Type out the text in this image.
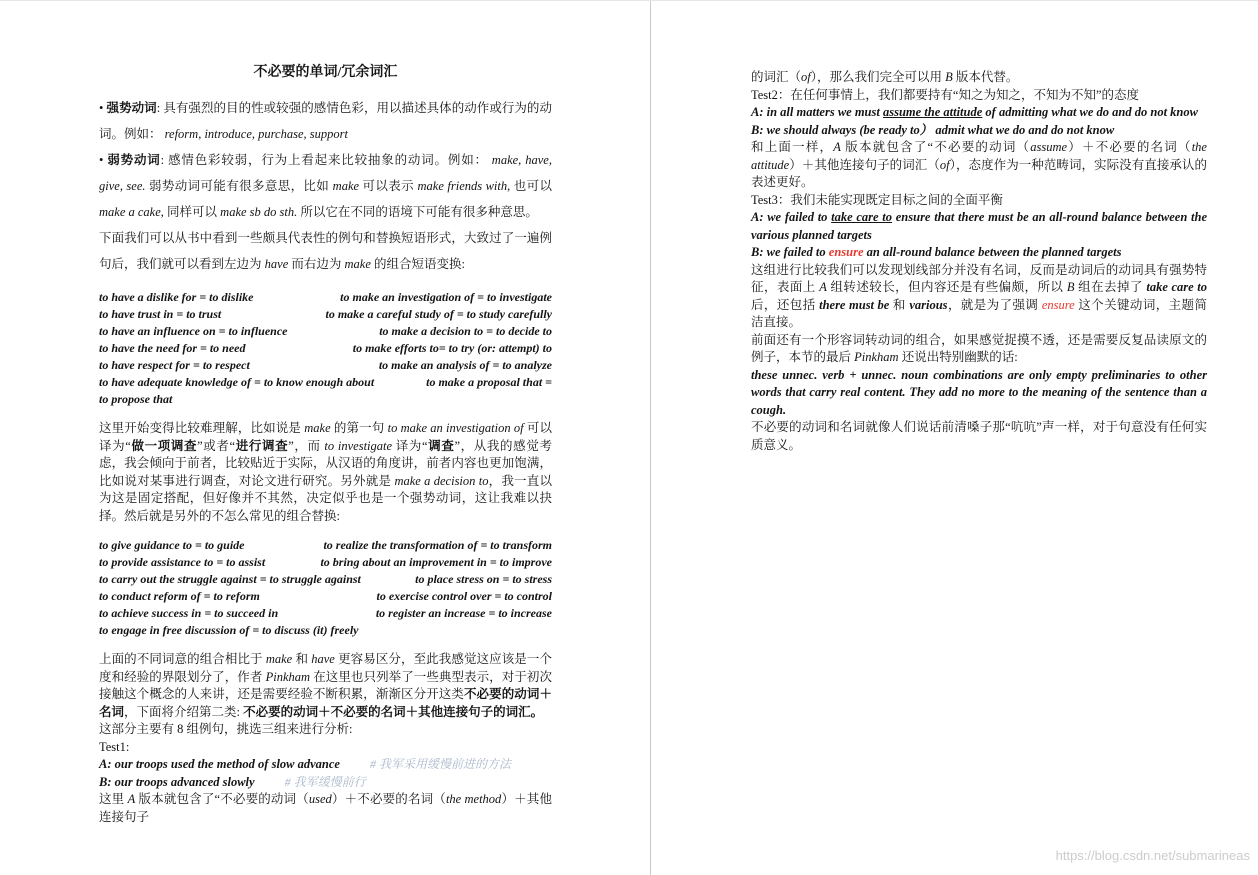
不必要的单词/冗余词汇

• 强势动词: 具有强烈的目的性或较强的感情色彩，用以描述具体的动作或行为的动词。例如： reform, introduce, purchase, support

• 弱势动词: 感情色彩较弱，行为上看起来比较抽象的动词。例如： make, have, give, see. 弱势动词可能有很多意思，比如 make 可以表示 make friends with, 也可以 make a cake, 同样可以 make sb do sth. 所以它在不同的语境下可能有很多种意思。

下面我们可以从书中看到一些颇具代表性的例句和替换短语形式，大致过了一遍例句后，我们就可以看到左边为 have 而右边为 make 的组合短语变换:

to have a dislike for = to dislike	to make an investigation of = to investigate
to have trust in = to trust	to make a careful study of = to study carefully
to have an influence on = to influence	to make a decision to = to decide to
to have the need for = to need	to make efforts to= to try (or: attempt) to
to have respect for = to respect	to make an analysis of = to analyze
to have adequate knowledge of = to know enough about	to make a proposal that =
to propose that

这里开始变得比较难理解，比如说是 make 的第一句 to make an investigation of 可以译为“做一项调查”或者“进行调查”，而 to investigate 译为“调查”，从我的感觉考虑，我会倾向于前者，比较贴近于实际，从汉语的角度讲，前者内容也更加饱满，比如说对某事进行调查，对论文进行研究。另外就是 make a decision to，我一直以为这是固定搭配，但好像并不其然，决定似乎也是一个强势动词，这让我难以抉择。然后就是另外的不怎么常见的组合替换:

to give guidance to = to guide	to realize the transformation of = to transform
to provide assistance to = to assist	to bring about an improvement in = to improve
to carry out the struggle against = to struggle against	to place stress on = to stress
to conduct reform of = to reform	to exercise control over = to control
to achieve success in = to succeed in	to register an increase = to increase
to engage in free discussion of = to discuss (it) freely

上面的不同词意的组合相比于 make 和 have 更容易区分，至此我感觉这应该是一个度和经验的界限划分了，作者 Pinkham 在这里也只列举了一些典型表示，对于初次接触这个概念的人来讲，还是需要经验不断积累，渐渐区分开这类不必要的动词＋名词，下面将介绍第二类: 不必要的动词＋不必要的名词＋其他连接句子的词汇。

这部分主要有 8 组例句，挑选三组来进行分析:

Test1:

A: our troops used the method of slow advance	# 我军采用缓慢前进的方法

B: our troops advanced slowly	# 我军缓慢前行

这里 A 版本就包含了“不必要的动词（used）＋不必要的名词（the method）＋其他连接句子

的词汇（of），那么我们完全可以用 B 版本代替。

Test2：在任何事情上，我们都要持有“知之为知之，不知为不知”的态度

A: in all matters we must assume the attitude of admitting what we do and do not know

B: we should always (be ready to） admit what we do and do not know

和上面一样，A 版本就包含了“不必要的动词（assume）＋不必要的名词（the attitude）＋其他连接句子的词汇（of），态度作为一种范畴词，实际没有直接承认的表述更好。

Test3：我们未能实现既定目标之间的全面平衡

A: we failed to take care to ensure that there must be an all-round balance between the various planned targets

B: we failed to ensure an all-round balance between the planned targets

这组进行比较我们可以发现划线部分并没有名词，反而是动词后的动词具有强势特征，表面上 A 组转述较长，但内容还是有些偏颇，所以 B 组在去掉了 take care to 后，还包括 there must be 和 various，就是为了强调 ensure 这个关键动词，主题简洁直接。

前面还有一个形容词转动词的组合，如果感觉捉摸不透，还是需要反复品读原文的例子，本节的最后 Pinkham 还说出特别幽默的话:

these unnec. verb + unnec. noun combinations are only empty preliminaries to other words that carry real content. They add no more to the meaning of the sentence than a cough.

不必要的动词和名词就像人们说话前清嗓子那“吭吭”声一样，对于句意没有任何实质意义。

https://blog.csdn.net/submarineas
